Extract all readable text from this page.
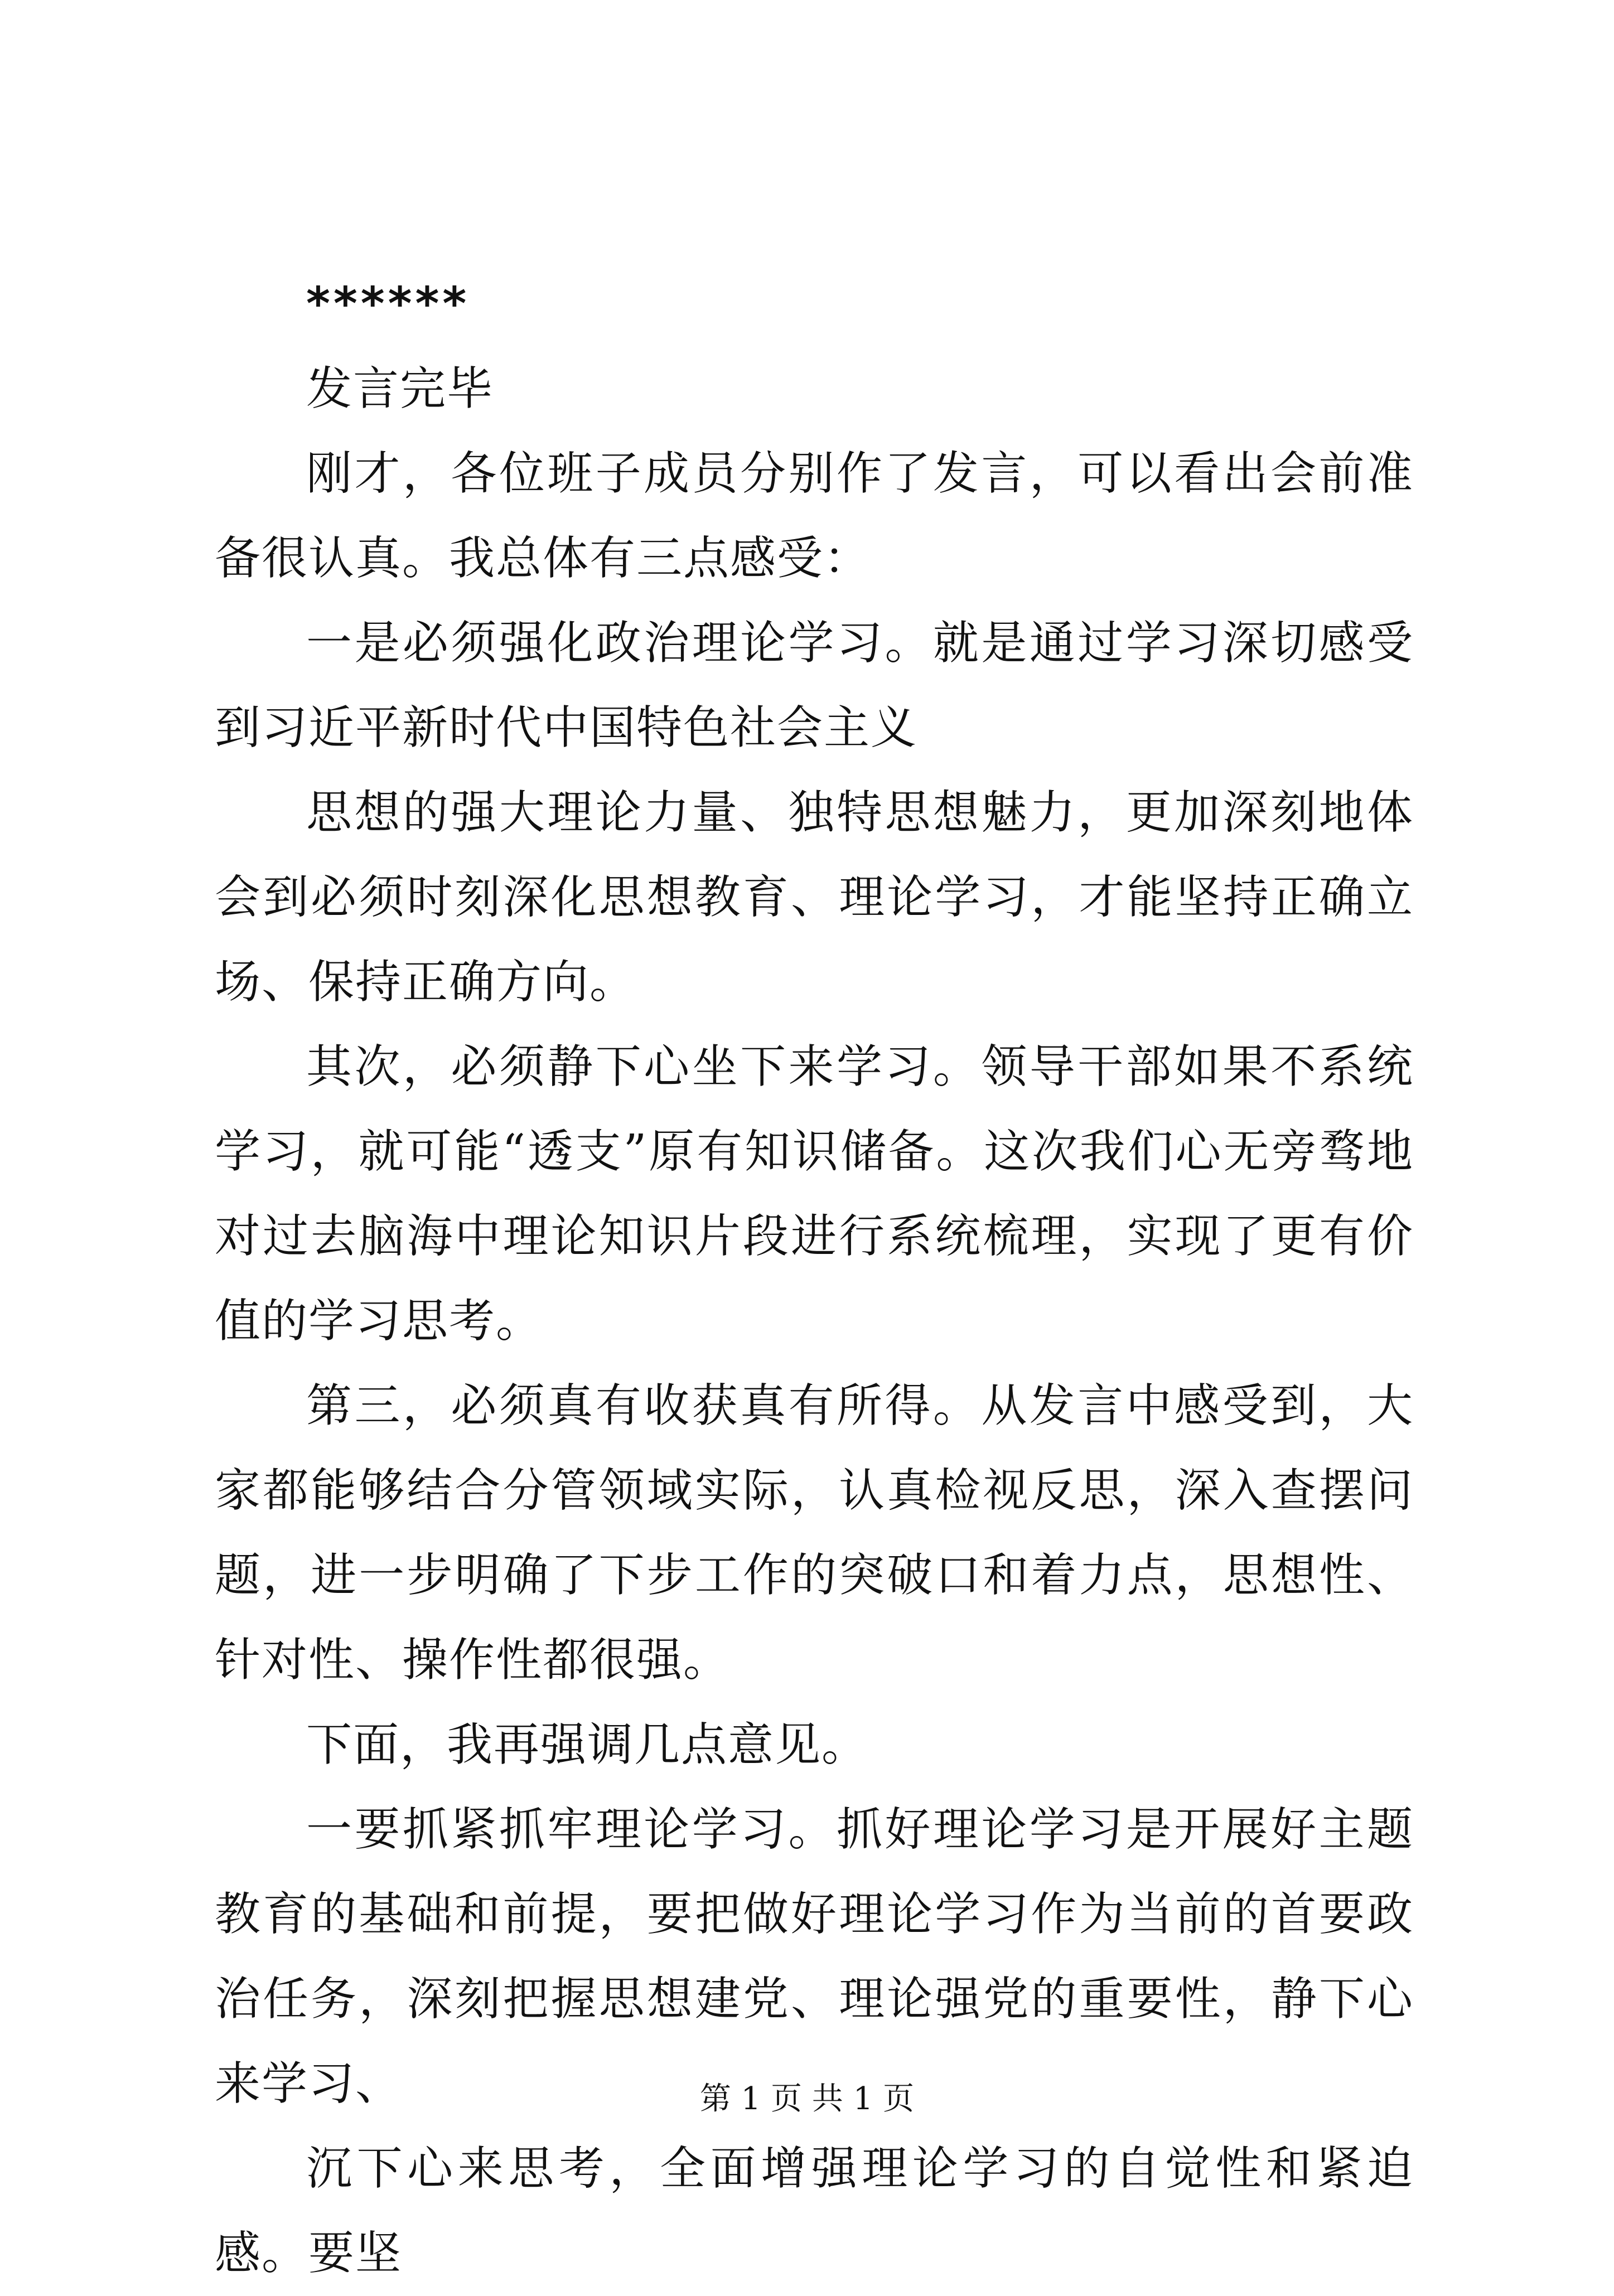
******

发言完毕

刚才，各位班子成员分别作了发言，可以看出会前准备很认真。我总体有三点感受：

一是必须强化政治理论学习。就是通过学习深切感受到习近平新时代中国特色社会主义

思想的强大理论力量、独特思想魅力，更加深刻地体会到必须时刻深化思想教育、理论学习，才能坚持正确立场、保持正确方向。

其次，必须静下心坐下来学习。领导干部如果不系统学习，就可能“透支”原有知识储备。这次我们心无旁骛地对过去脑海中理论知识片段进行系统梳理，实现了更有价值的学习思考。

第三，必须真有收获真有所得。从发言中感受到，大家都能够结合分管领域实际，认真检视反思，深入查摆问题，进一步明确了下步工作的突破口和着力点，思想性、针对性、操作性都很强。

下面，我再强调几点意见。

一要抓紧抓牢理论学习。抓好理论学习是开展好主题教育的基础和前提，要把做好理论学习作为当前的首要政治任务，深刻把握思想建党、理论强党的重要性，静下心来学习、

沉下心来思考，全面增强理论学习的自觉性和紧迫感。要坚

第 1 页 共 1 页
